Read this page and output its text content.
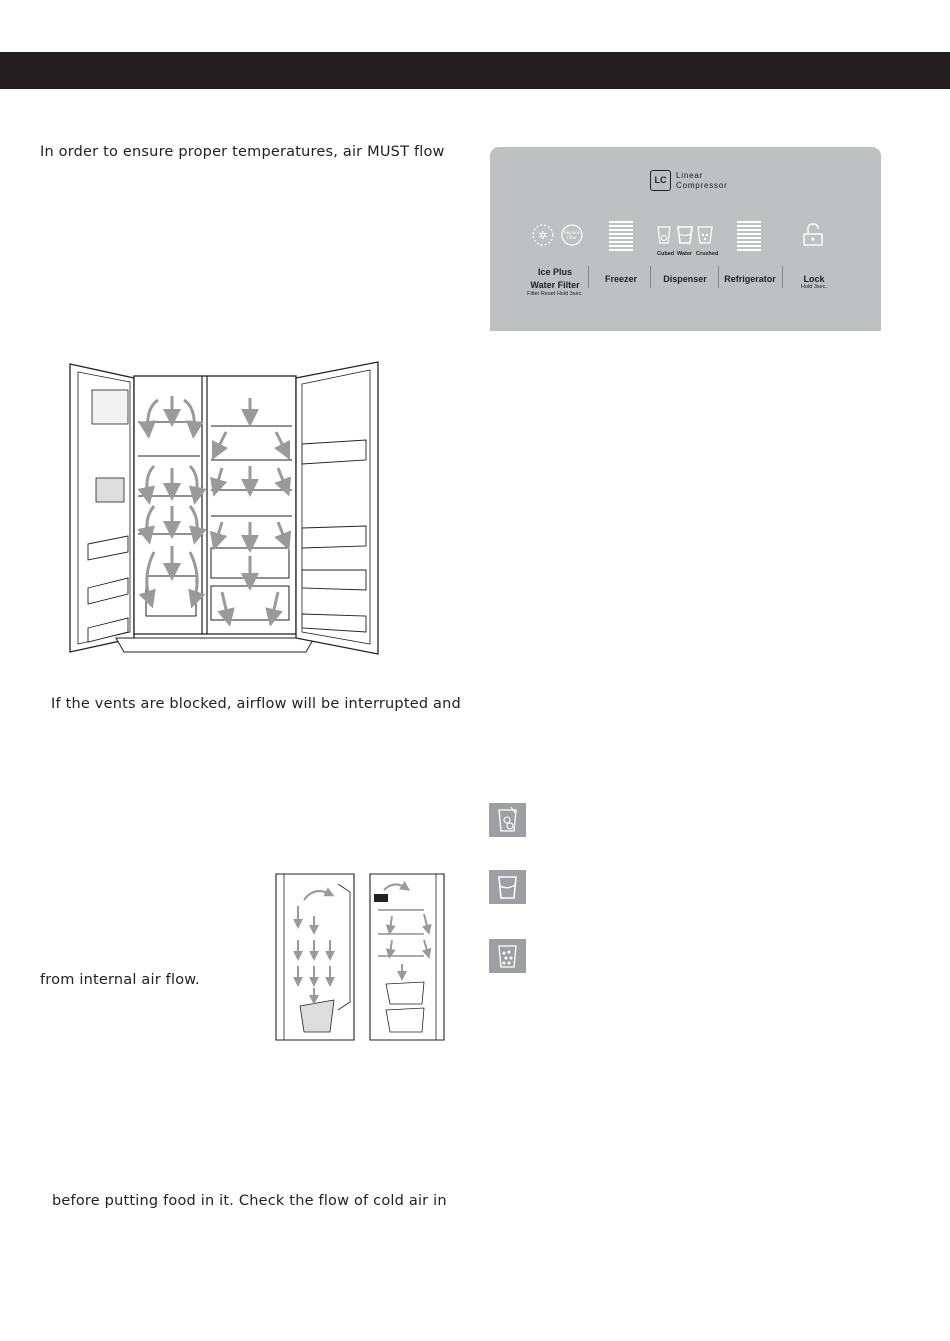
In order to ensure proper temperatures, air MUST flow
If the vents are blocked, airflow will be interrupted and
from internal air flow.
before putting food in it. Check the flow of cold air in
LC	Linear
Compressor
✲	Replace
Filter
Cubed Water Crushed
Ice Plus
Water Filter
Filter Reset Hold 3sec.
Freezer	Dispenser	Refrigerator	Lock
Hold 3sec.
